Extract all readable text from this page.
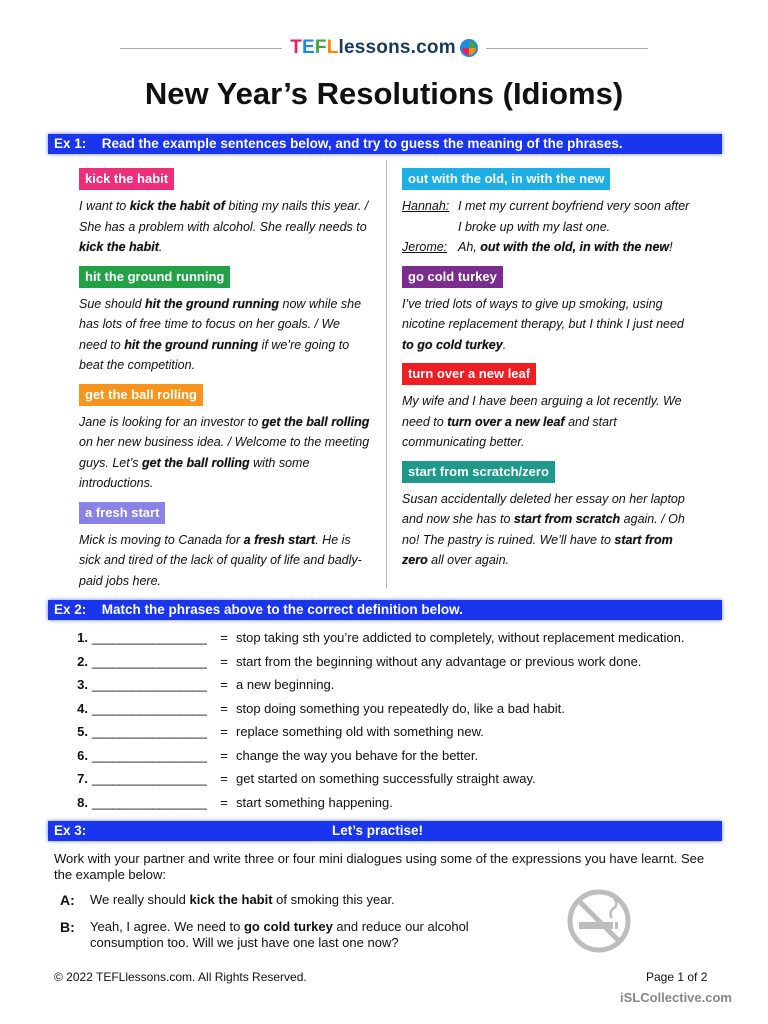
TEFLlessons.com
New Year’s Resolutions (Idioms)
Ex 1: Read the example sentences below, and try to guess the meaning of the phrases.
kick the habit
I want to kick the habit of biting my nails this year. / She has a problem with alcohol. She really needs to kick the habit.
hit the ground running
Sue should hit the ground running now while she has lots of free time to focus on her goals. / We need to hit the ground running if we’re going to beat the competition.
get the ball rolling
Jane is looking for an investor to get the ball rolling on her new business idea. / Welcome to the meeting guys. Let’s get the ball rolling with some introductions.
a fresh start
Mick is moving to Canada for a fresh start. He is sick and tired of the lack of quality of life and badly-paid jobs here.
out with the old, in with the new
Hannah: I met my current boyfriend very soon after I broke up with my last one.
Jerome: Ah, out with the old, in with the new!
go cold turkey
I’ve tried lots of ways to give up smoking, using nicotine replacement therapy, but I think I just need to go cold turkey.
turn over a new leaf
My wife and I have been arguing a lot recently. We need to turn over a new leaf and start communicating better.
start from scratch/zero
Susan accidentally deleted her essay on her laptop and now she has to start from scratch again. / Oh no! The pastry is ruined. We’ll have to start from zero all over again.
Ex 2: Match the phrases above to the correct definition below.
1. _________________	= stop taking sth you’re addicted to completely, without replacement medication.
2. _________________	= start from the beginning without any advantage or previous work done.
3. _________________	= a new beginning.
4. _________________	= stop doing something you repeatedly do, like a bad habit.
5. _________________	= replace something old with something new.
6. _________________	= change the way you behave for the better.
7. _________________	= get started on something successfully straight away.
8. _________________	= start something happening.
Ex 3:	Let’s practise!
Work with your partner and write three or four mini dialogues using some of the expressions you have learnt. See the example below:
A:	We really should kick the habit of smoking this year.
B:	Yeah, I agree. We need to go cold turkey and reduce our alcohol consumption too. Will we just have one last one now?
© 2022 TEFLlessons.com. All Rights Reserved.	Page 1 of 2
iSLCollective.com
